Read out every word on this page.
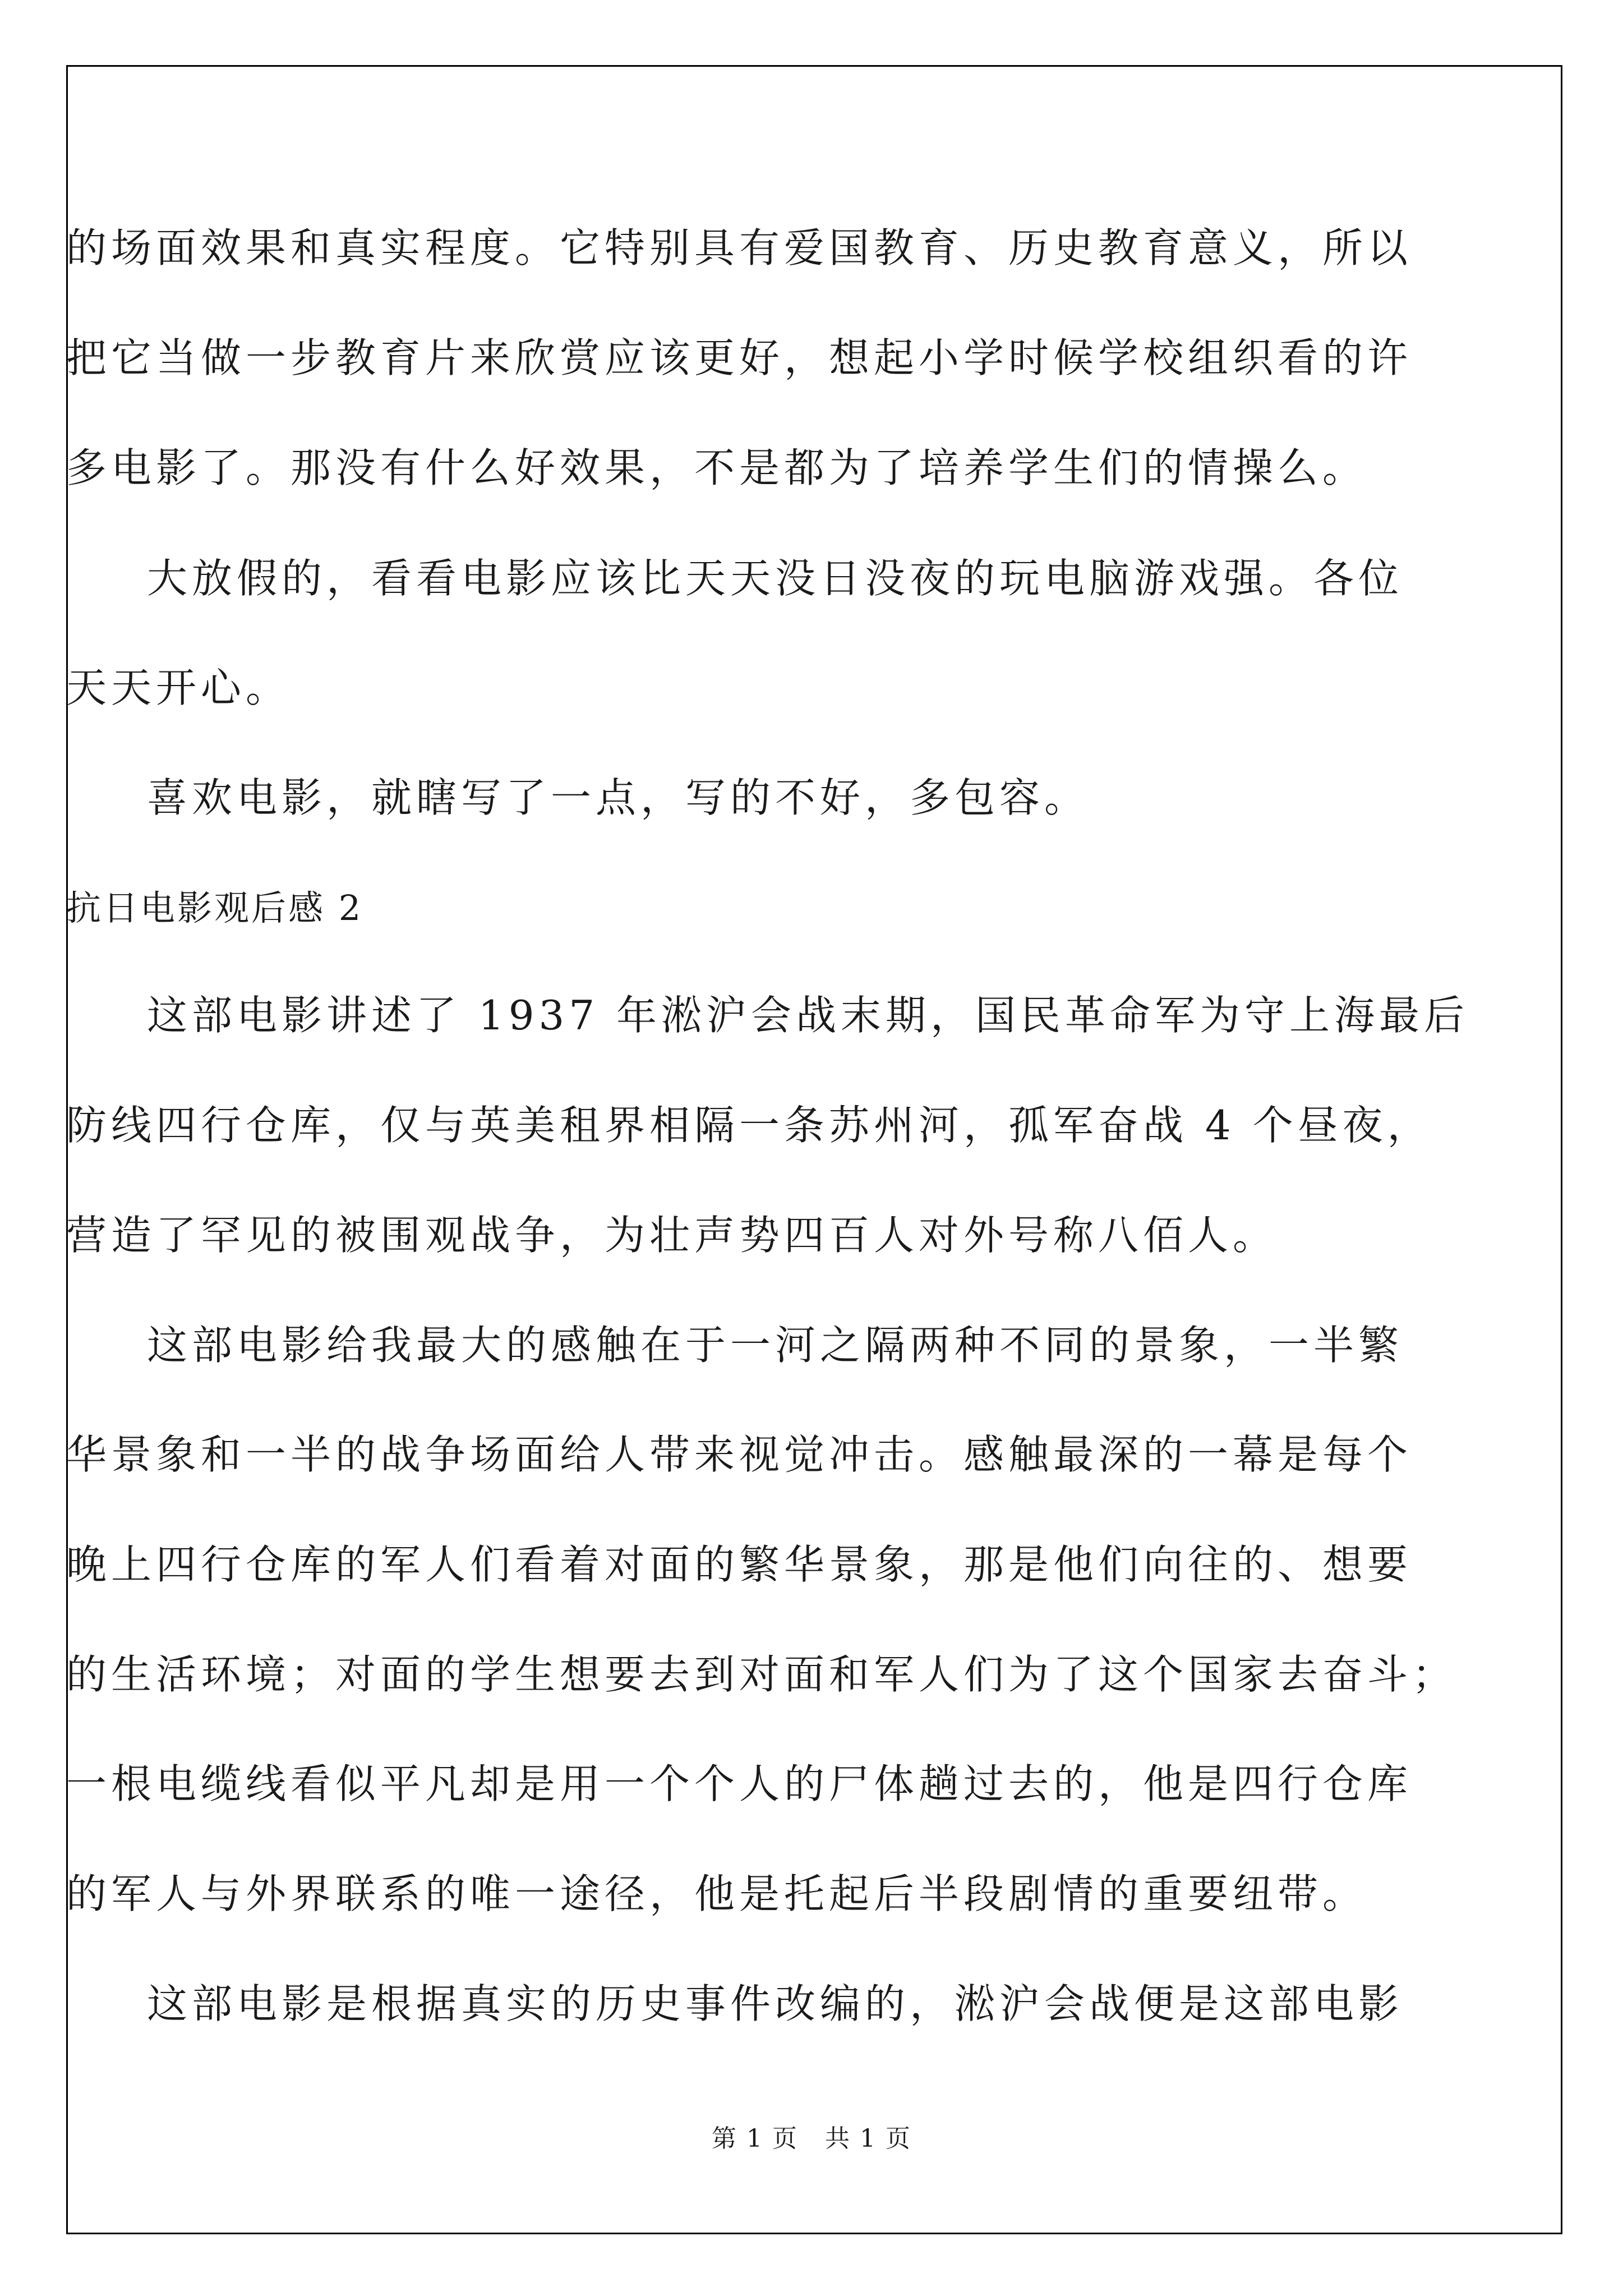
的场面效果和真实程度。它特别具有爱国教育、历史教育意义，所以
把它当做一步教育片来欣赏应该更好，想起小学时候学校组织看的许
多电影了。那没有什么好效果，不是都为了培养学生们的情操么。
大放假的，看看电影应该比天天没日没夜的玩电脑游戏强。各位
天天开心。
喜欢电影，就瞎写了一点，写的不好，多包容。
抗日电影观后感 2
这部电影讲述了 1937 年淞沪会战末期，国民革命军为守上海最后
防线四行仓库，仅与英美租界相隔一条苏州河，孤军奋战 4 个昼夜，
营造了罕见的被围观战争，为壮声势四百人对外号称八佰人。
这部电影给我最大的感触在于一河之隔两种不同的景象，一半繁
华景象和一半的战争场面给人带来视觉冲击。感触最深的一幕是每个
晚上四行仓库的军人们看着对面的繁华景象，那是他们向往的、想要
的生活环境；对面的学生想要去到对面和军人们为了这个国家去奋斗；
一根电缆线看似平凡却是用一个个人的尸体趟过去的，他是四行仓库
的军人与外界联系的唯一途径，他是托起后半段剧情的重要纽带。
这部电影是根据真实的历史事件改编的，淞沪会战便是这部电影
第 1 页 共 1 页
